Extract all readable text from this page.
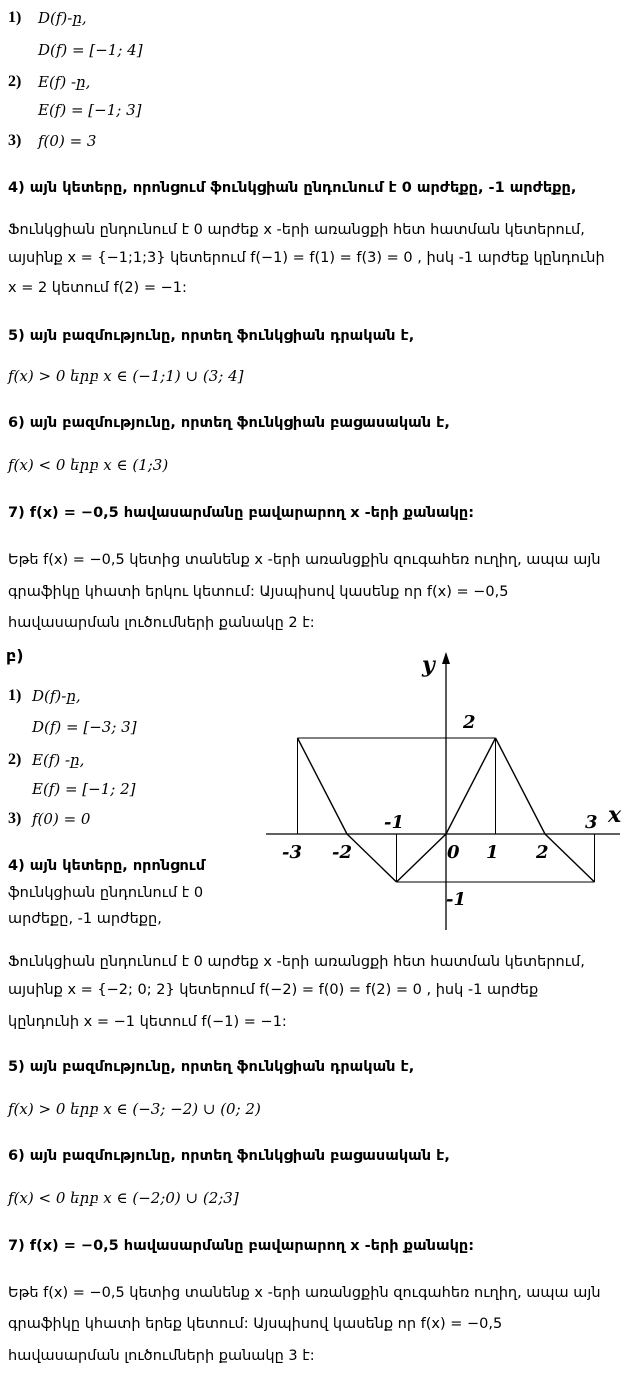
1) D(f)-ը,
D(f) = [−1; 4]
2) E(f) -ը,
E(f) = [−1; 3]
3) f(0) = 3
4) այն կետերը, որոնցում ֆունկցիան ընդունում է 0 արժեքը, -1 արժեքը,
Ֆունկցիան ընդունում է 0 արժեք x -երի առանցքի հետ հատման կետերում,
այսինք x = {−1;1;3} կետերում f(−1) = f(1) = f(3) = 0 , իսկ -1 արժեք կընդունի
x = 2 կետում f(2) = −1:
5) այն բազմությունը, որտեղ ֆունկցիան դրական է,
f(x) > 0 երբ x ∈ (−1;1) ∪ (3; 4]
6) այն բազմությունը, որտեղ ֆունկցիան բացասական է,
f(x) < 0 երբ x ∈ (1;3)
7) f(x) = −0,5 հավասարմանը բավարարող x -երի քանակը:
Եթե f(x) = −0,5 կետից տանենք x -երի առանցքին զուգահեռ ուղիղ, ապա այն
գրաֆիկը կհատի երկու կետում: Այսպիսով կասենք որ f(x) = −0,5
հավասարման լուծումների քանակը 2 է:
բ)
1) D(f)-ը,
D(f) = [−3; 3]
2) E(f) -ը,
E(f) = [−1; 2]
3) f(0) = 0
4) այն կետերը, որոնցում
ֆունկցիան ընդունում է 0
արժեքը, -1 արժեքը,
y
x
-3 -2
-1
0 1 2
3
2
-1
Ֆունկցիան ընդունում է 0 արժեք x -երի առանցքի հետ հատման կետերում,
այսինք x = {−2; 0; 2} կետերում f(−2) = f(0) = f(2) = 0 , իսկ -1 արժեք
կընդունի x = −1 կետում f(−1) = −1:
5) այն բազմությունը, որտեղ ֆունկցիան դրական է,
f(x) > 0 երբ x ∈ (−3; −2) ∪ (0; 2)
6) այն բազմությունը, որտեղ ֆունկցիան բացասական է,
f(x) < 0 երբ x ∈ (−2;0) ∪ (2;3]
7) f(x) = −0,5 հավասարմանը բավարարող x -երի քանակը:
Եթե f(x) = −0,5 կետից տանենք x -երի առանցքին զուգահեռ ուղիղ, ապա այն
գրաֆիկը կհատի երեք կետում: Այսպիսով կասենք որ f(x) = −0,5
հավասարման լուծումների քանակը 3 է:
